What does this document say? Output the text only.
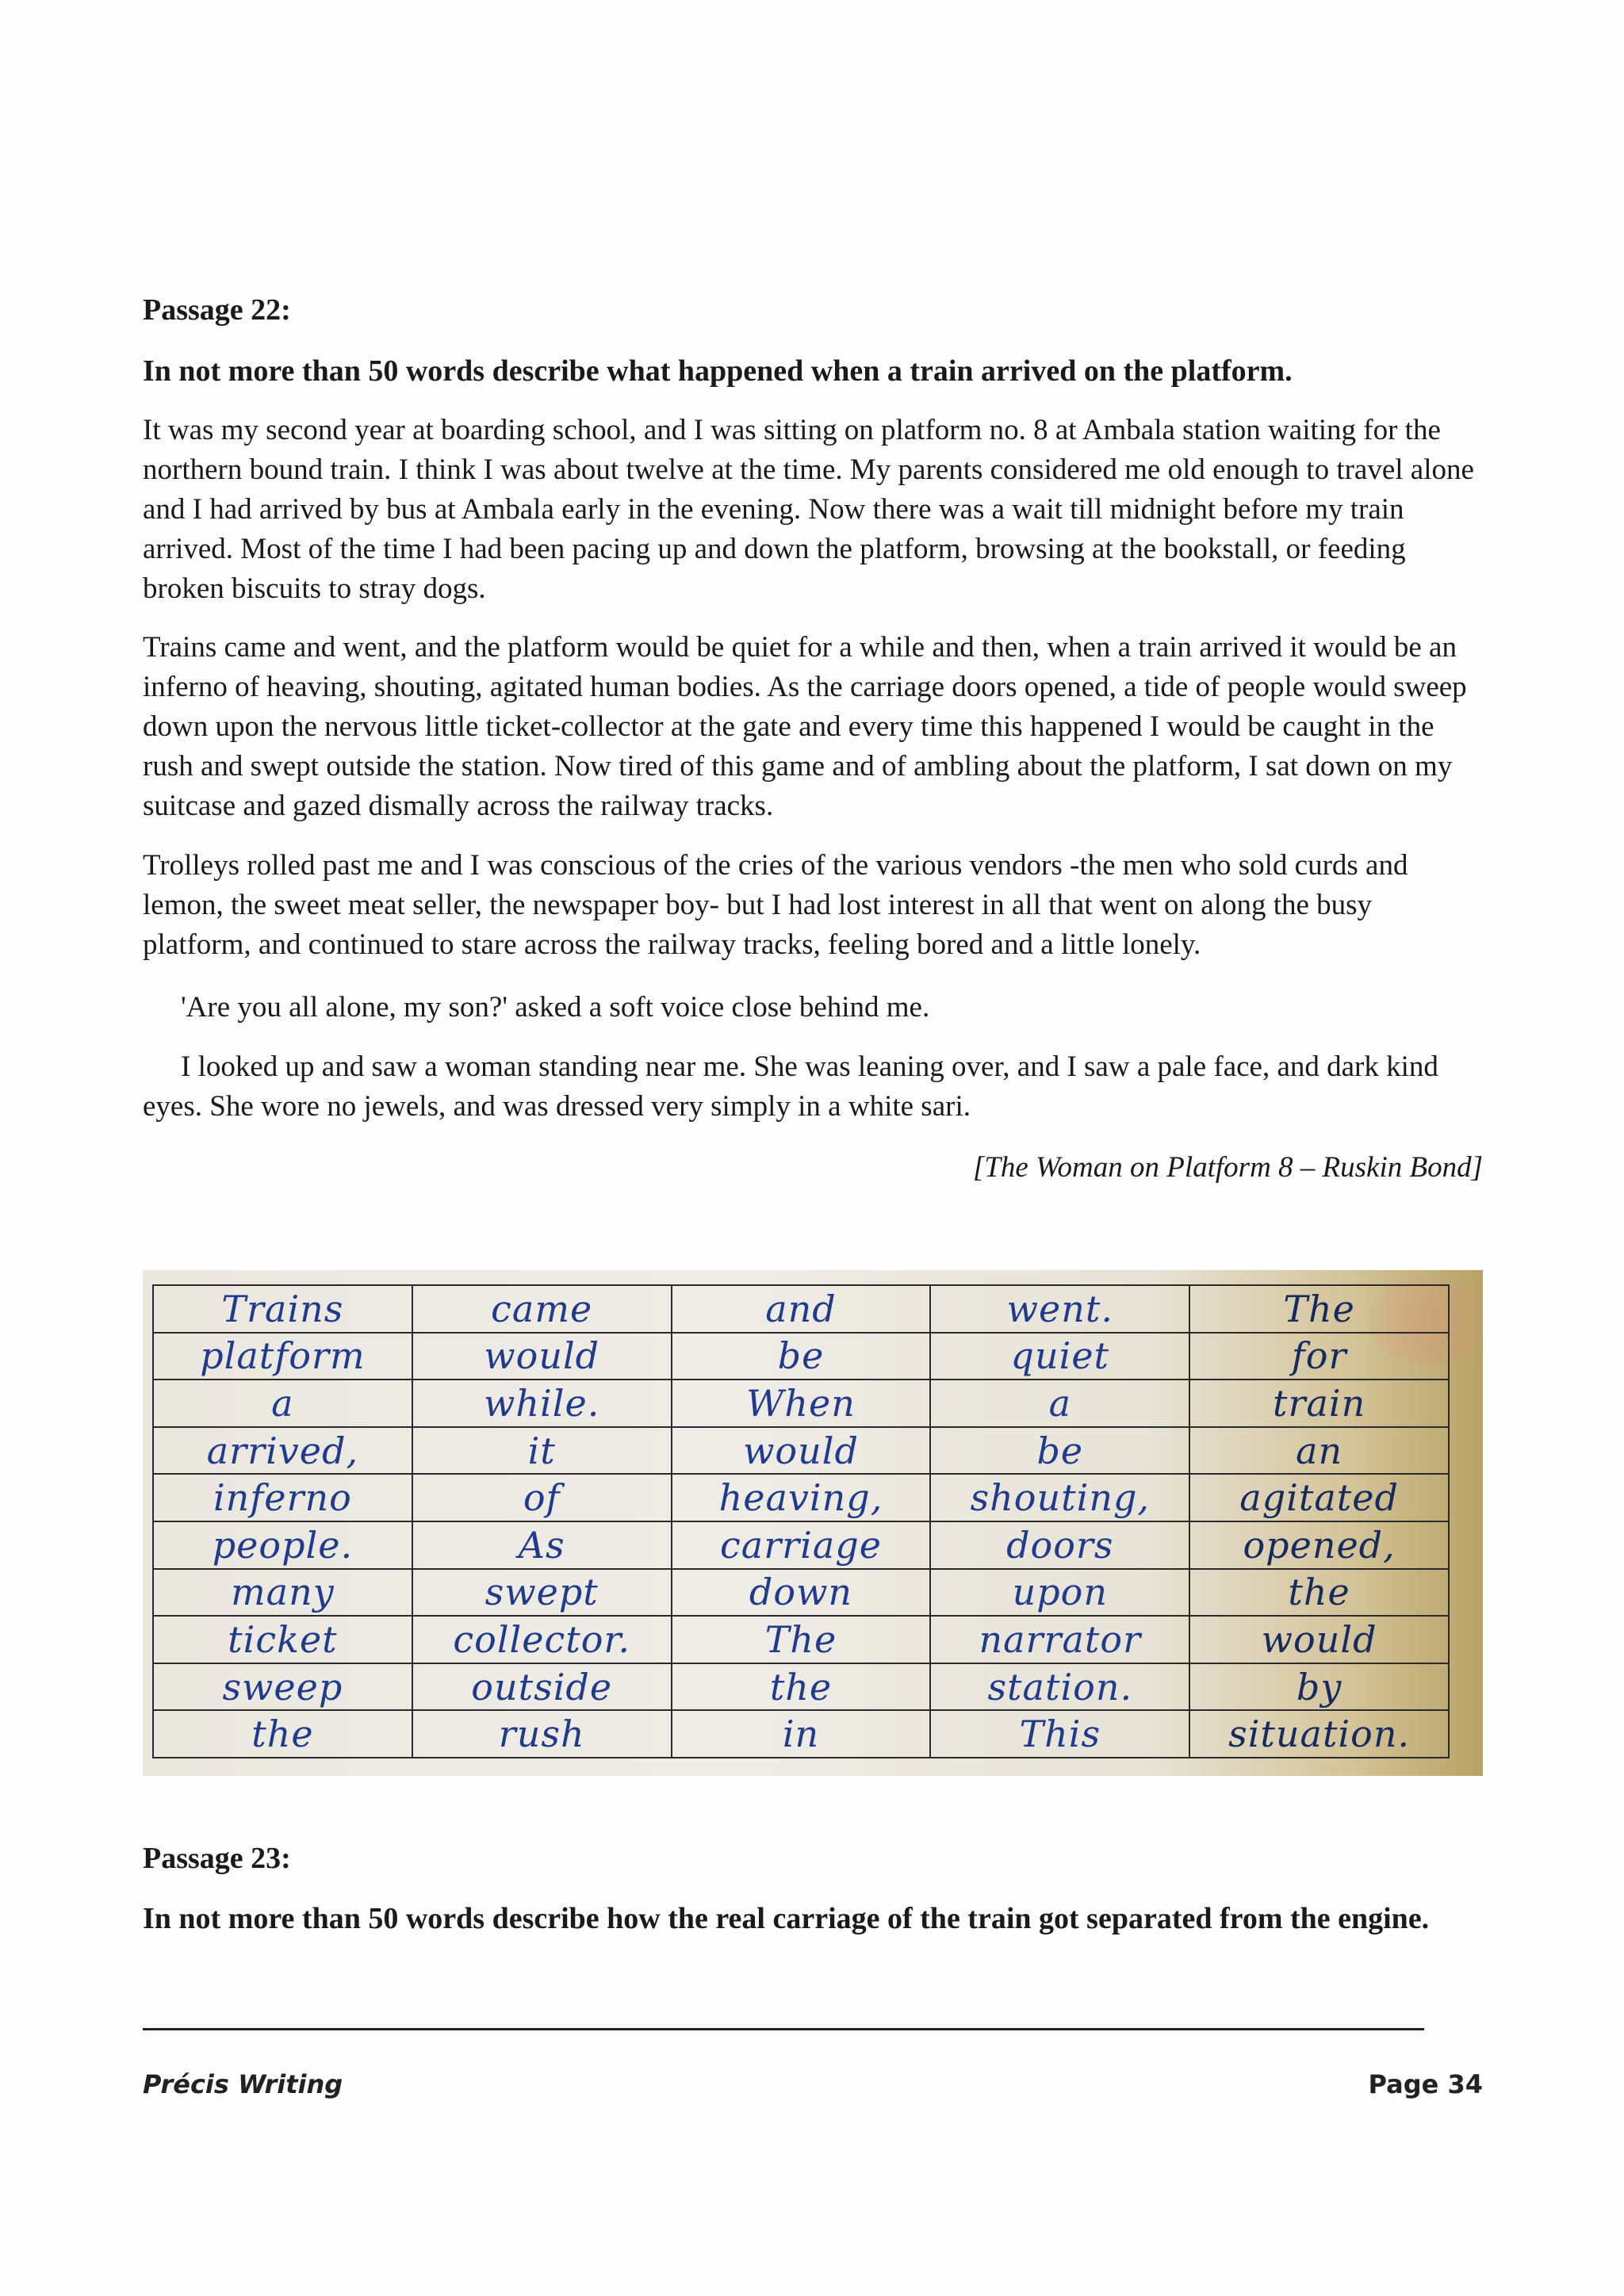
Passage 22:
In not more than 50 words describe what happened when a train arrived on the platform.

It was my second year at boarding school, and I was sitting on platform no. 8 at Ambala station waiting for the northern bound train. I think I was about twelve at the time. My parents considered me old enough to travel alone and I had arrived by bus at Ambala early in the evening. Now there was a wait till midnight before my train arrived. Most of the time I had been pacing up and down the platform, browsing at the bookstall, or feeding broken biscuits to stray dogs.

Trains came and went, and the platform would be quiet for a while and then, when a train arrived it would be an inferno of heaving, shouting, agitated human bodies. As the carriage doors opened, a tide of people would sweep down upon the nervous little ticket-collector at the gate and every time this happened I would be caught in the rush and swept outside the station. Now tired of this game and of ambling about the platform, I sat down on my suitcase and gazed dismally across the railway tracks.

Trolleys rolled past me and I was conscious of the cries of the various vendors -the men who sold curds and lemon, the sweet meat seller, the newspaper boy- but I had lost interest in all that went on along the busy platform, and continued to stare across the railway tracks, feeling bored and a little lonely.

'Are you all alone, my son?' asked a soft voice close behind me.

I looked up and saw a woman standing near me. She was leaning over, and I saw a pale face, and dark kind eyes. She wore no jewels, and was dressed very simply in a white sari.

[The Woman on Platform 8 – Ruskin Bond]
Trains	came	and	went.	The
platform	would	be	quiet	for
a	while.	When	a	train
arrived,	it	would	be	an
inferno	of	heaving,	shouting,	agitated
people.	As	carriage	doors	opened,
many	swept	down	upon	the
ticket	collector.	The	narrator	would
sweep	outside	the	station.	by
the	rush	in	This	situation.
Passage 23:
In not more than 50 words describe how the real carriage of the train got separated from the engine.
Précis Writing	Page 34
